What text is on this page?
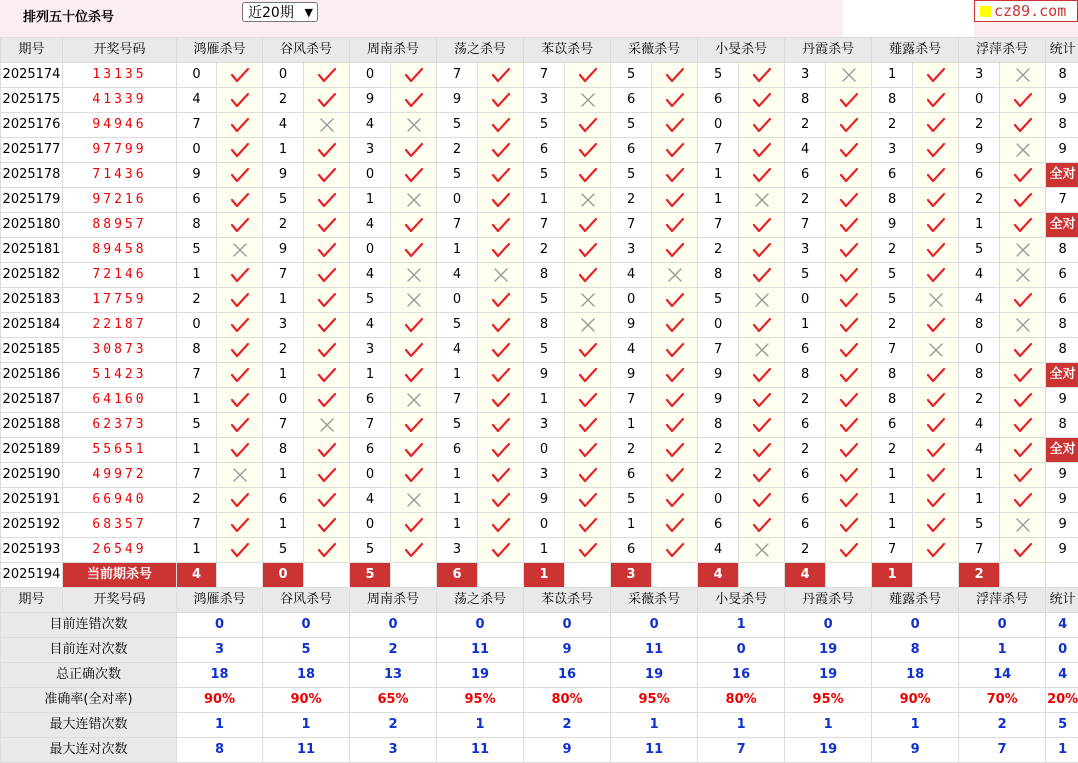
排列五十位杀号	近20期 ▼	cz89.com
期号	开奖号码	鸿雁杀号		谷风杀号		周南杀号		荡之杀号		苯苡杀号		采薇杀号		小旻杀号		丹霞杀号		薤露杀号		浮萍杀号		统计
2025174	13135	0		0		0		7		7		5		5		3		1		3		8
2025175	41339	4		2		9		9		3		6		6		8		8		0		9
2025176	94946	7		4		4		5		5		5		0		2		2		2		8
2025177	97799	0		1		3		2		6		6		7		4		3		9		9
2025178	71436	9		9		0		5		5		5		1		6		6		6		全对
2025179	97216	6		5		1		0		1		2		1		2		8		2		7
2025180	88957	8		2		4		7		7		7		7		7		9		1		全对
2025181	89458	5		9		0		1		2		3		2		3		2		5		8
2025182	72146	1		7		4		4		8		4		8		5		5		4		6
2025183	17759	2		1		5		0		5		0		5		0		5		4		6
2025184	22187	0		3		4		5		8		9		0		1		2		8		8
2025185	30873	8		2		3		4		5		4		7		6		7		0		8
2025186	51423	7		1		1		1		9		9		9		8		8		8		全对
2025187	64160	1		0		6		7		1		7		9		2		8		2		9
2025188	62373	5		7		7		5		3		1		8		6		6		4		8
2025189	55651	1		8		6		6		0		2		2		2		2		4		全对
2025190	49972	7		1		0		1		3		6		2		6		1		1		9
2025191	66940	2		6		4		1		9		5		0		6		1		1		9
2025192	68357	7		1		0		1		0		1		6		6		1		5		9
2025193	26549	1		5		5		3		1		6		4		2		7		7		9
2025194	当前期杀号	4		0		5		6		1		3		4		4		1		2		
期号	开奖号码	鸿雁杀号		谷风杀号		周南杀号		荡之杀号		苯苡杀号		采薇杀号		小旻杀号		丹霞杀号		薤露杀号		浮萍杀号		统计
目前连错次数		0		0		0		0		0		0		1		0		0		0		4
目前连对次数		3		5		2		11		9		11		0		19		8		1		0
总正确次数		18		18		13		19		16		19		16		19		18		14		4
准确率(全对率)		90%		90%		65%		95%		80%		95%		80%		95%		90%		70%		20%
最大连错次数		1		1		2		1		2		1		1		1		1		2		5
最大连对次数		8		11		3		11		9		11		7		19		9		7		1
